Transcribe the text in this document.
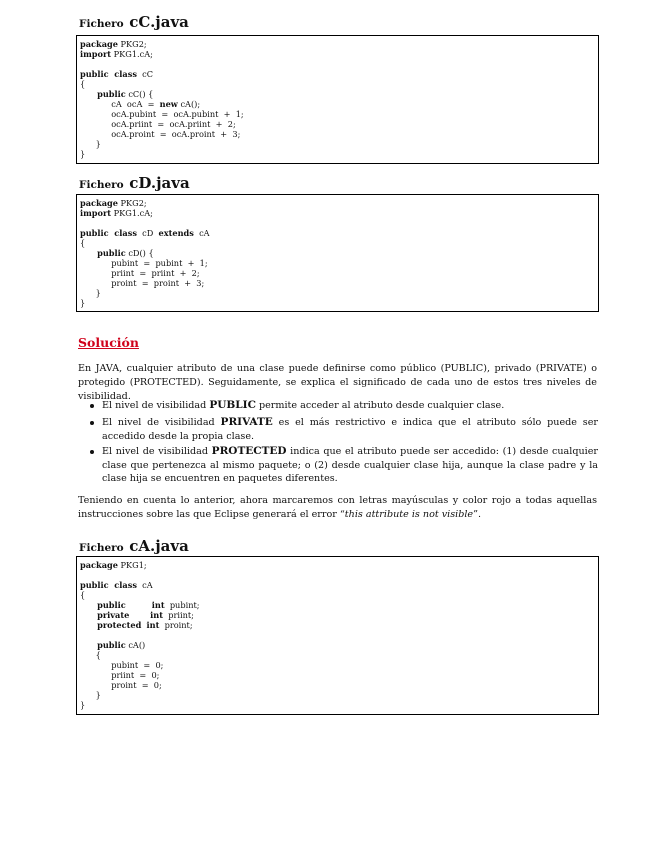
Fichero cC.java
package PKG2;
import PKG1.cA;
public  class  cC
{
public cC() {
cA  ocA  =  new cA();
ocA.pubint  =  ocA.pubint  +  1;
ocA.priint  =  ocA.priint  +  2;
ocA.proint  =  ocA.proint  +  3;
}
}
Fichero cD.java
package PKG2;
import PKG1.cA;
public  class  cD  extends  cA
{
public cD() {
pubint  =  pubint  +  1;
priint  =  priint  +  2;
proint  =  proint  +  3;
}
}
Solución
En JAVA, cualquier atributo de una clase puede definirse como público (PUBLIC), privado (PRIVATE) o protegido (PROTECTED). Seguidamente, se explica el significado de cada uno de estos tres niveles de visibilidad.
El nivel de visibilidad PUBLIC permite acceder al atributo desde cualquier clase.
El nivel de visibilidad PRIVATE es el más restrictivo e indica que el atributo sólo puede ser accedido desde la propia clase.
El nivel de visibilidad PROTECTED indica que el atributo puede ser accedido: (1) desde cualquier clase que pertenezca al mismo paquete; o (2) desde cualquier clase hija, aunque la clase padre y la clase hija se encuentren en paquetes diferentes.
Teniendo en cuenta lo anterior, ahora marcaremos con letras mayúsculas y color rojo a todas aquellas instrucciones sobre las que Eclipse generará el error “this attribute is not visible”.
Fichero cA.java
package PKG1;
public  class  cA
{
public	int  pubint;
private	int  priint;
protected int  proint;
public cA()
{
pubint  =  0;
priint  =  0;
proint  =  0;
}
}
